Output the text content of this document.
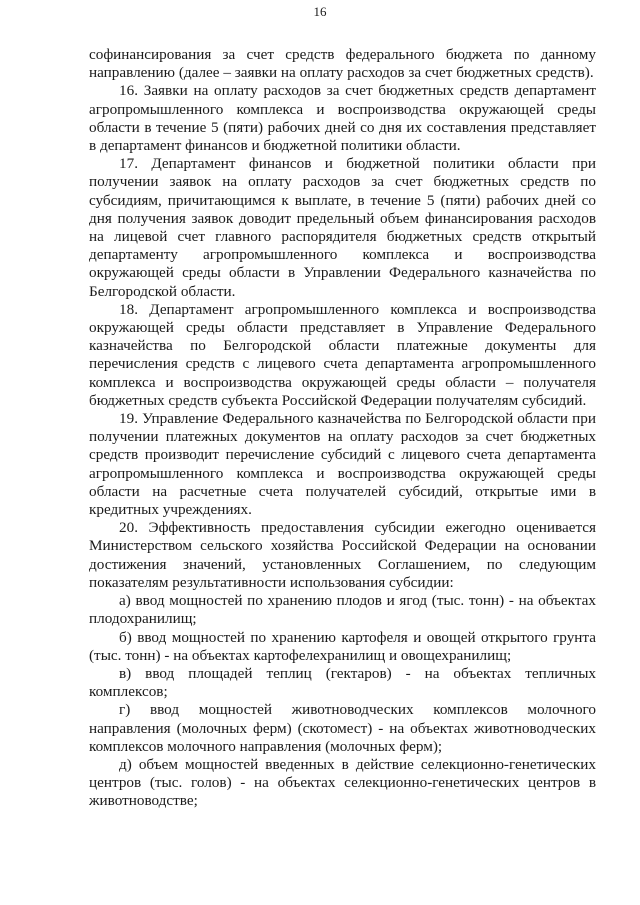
16

софинансирования за счет средств федерального бюджета по данному направлению (далее – заявки на оплату расходов за счет бюджетных средств).

16. Заявки на оплату расходов за счет бюджетных средств департамент агропромышленного комплекса и воспроизводства окружающей среды области в течение 5 (пяти) рабочих дней со дня их составления представляет в департамент финансов и бюджетной политики области.

17. Департамент финансов и бюджетной политики области при получении заявок на оплату расходов за счет бюджетных средств по субсидиям, причитающимся к выплате, в течение 5 (пяти) рабочих дней со дня получения заявок доводит предельный объем финансирования расходов на лицевой счет главного распорядителя бюджетных средств открытый департаменту агропромышленного комплекса и воспроизводства окружающей среды области в Управлении Федерального казначейства по Белгородской области.

18. Департамент агропромышленного комплекса и воспроизводства окружающей среды области представляет в Управление Федерального казначейства по Белгородской области платежные документы для перечисления средств с лицевого счета департамента агропромышленного комплекса и воспроизводства окружающей среды области – получателя бюджетных средств субъекта Российской Федерации получателям субсидий.

19. Управление Федерального казначейства по Белгородской области при получении платежных документов на оплату расходов за счет бюджетных средств производит перечисление субсидий с лицевого счета департамента агропромышленного комплекса и воспроизводства окружающей среды области на расчетные счета получателей субсидий, открытые ими в кредитных учреждениях.

20. Эффективность предоставления субсидии ежегодно оценивается Министерством сельского хозяйства Российской Федерации на основании достижения значений, установленных Соглашением, по следующим показателям результативности использования субсидии:

а) ввод мощностей по хранению плодов и ягод (тыс. тонн) - на объектах плодохранилищ;

б) ввод мощностей по хранению картофеля и овощей открытого грунта (тыс. тонн) - на объектах картофелехранилищ и овощехранилищ;

в) ввод площадей теплиц (гектаров) - на объектах тепличных комплексов;

г) ввод мощностей животноводческих комплексов молочного направления (молочных ферм) (скотомест) - на объектах животноводческих комплексов молочного направления (молочных ферм);

д) объем мощностей введенных в действие селекционно-генетических центров (тыс. голов) - на объектах селекционно-генетических центров в животноводстве;
